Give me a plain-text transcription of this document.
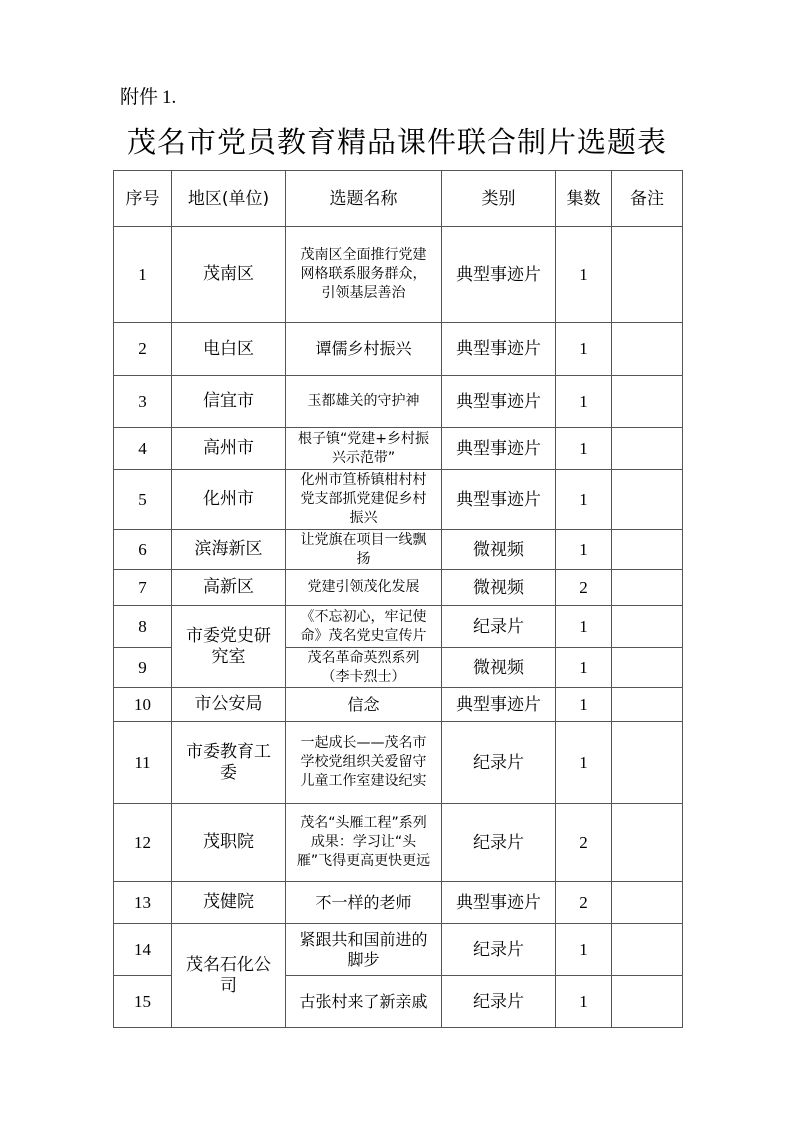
附件 1.
茂名市党员教育精品课件联合制片选题表
序号	地区(单位)	选题名称	类别	集数	备注
1	茂南区	茂南区全面推行党建网格联系服务群众，引领基层善治	典型事迹片	1	
2	电白区	谭儒乡村振兴	典型事迹片	1	
3	信宜市	玉都雄关的守护神	典型事迹片	1	
4	高州市	根子镇“党建+乡村振兴示范带”	典型事迹片	1	
5	化州市	化州市笪桥镇柑村村党支部抓党建促乡村振兴	典型事迹片	1	
6	滨海新区	让党旗在项目一线飘扬	微视频	1	
7	高新区	党建引领茂化发展	微视频	2	
8	市委党史研究室	《不忘初心，牢记使命》茂名党史宣传片	纪录片	1	
9		茂名革命英烈系列（李卡烈士）	微视频	1	
10	市公安局	信念	典型事迹片	1	
11	市委教育工委	一起成长——茂名市学校党组织关爱留守儿童工作室建设纪实	纪录片	1	
12	茂职院	茂名“头雁工程”系列成果：学习让“头雁”飞得更高更快更远	纪录片	2	
13	茂健院	不一样的老师	典型事迹片	2	
14	茂名石化公司	紧跟共和国前进的脚步	纪录片	1	
15		古张村来了新亲戚	纪录片	1	
